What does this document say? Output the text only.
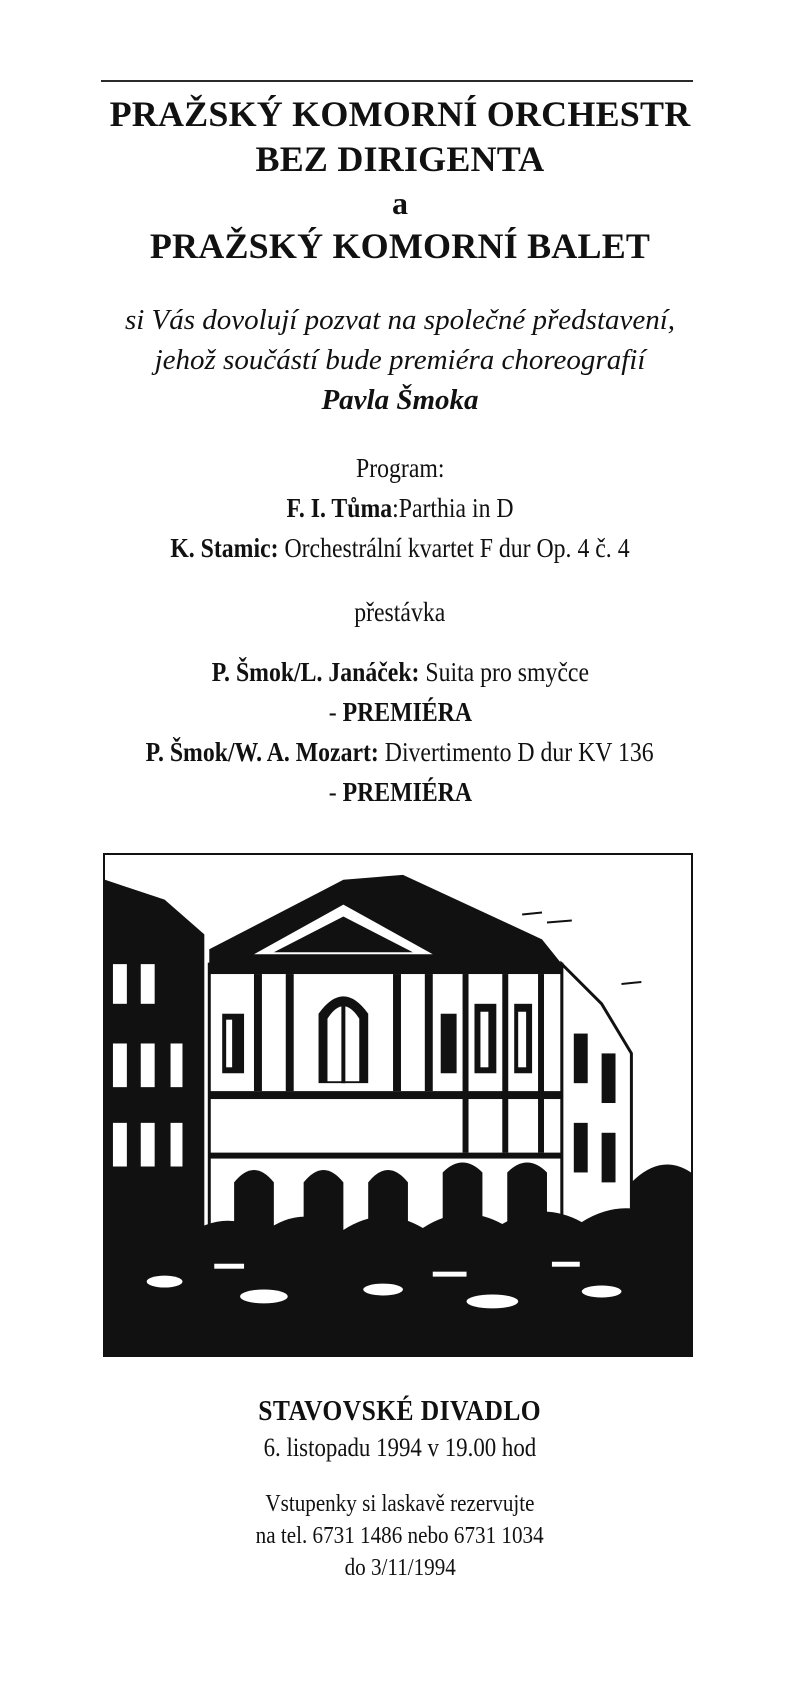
PRAŽSKÝ KOMORNÍ ORCHESTR
BEZ DIRIGENTA
a
PRAŽSKÝ KOMORNÍ BALET
si Vás dovolují pozvat na společné představení,
jehož součástí bude premiéra choreografií
Pavla Šmoka
Program:
F. I. Tůma:Parthia in D
K. Stamic: Orchestrální kvartet F dur Op. 4 č. 4
přestávka
P. Šmok/L. Janáček: Suita pro smyčce
- PREMIÉRA
P. Šmok/W. A. Mozart: Divertimento D dur KV 136
- PREMIÉRA
STAVOVSKÉ DIVADLO
6. listopadu 1994 v 19.00 hod
Vstupenky si laskavě rezervujte
na tel. 6731 1486 nebo 6731 1034
do 3/11/1994
